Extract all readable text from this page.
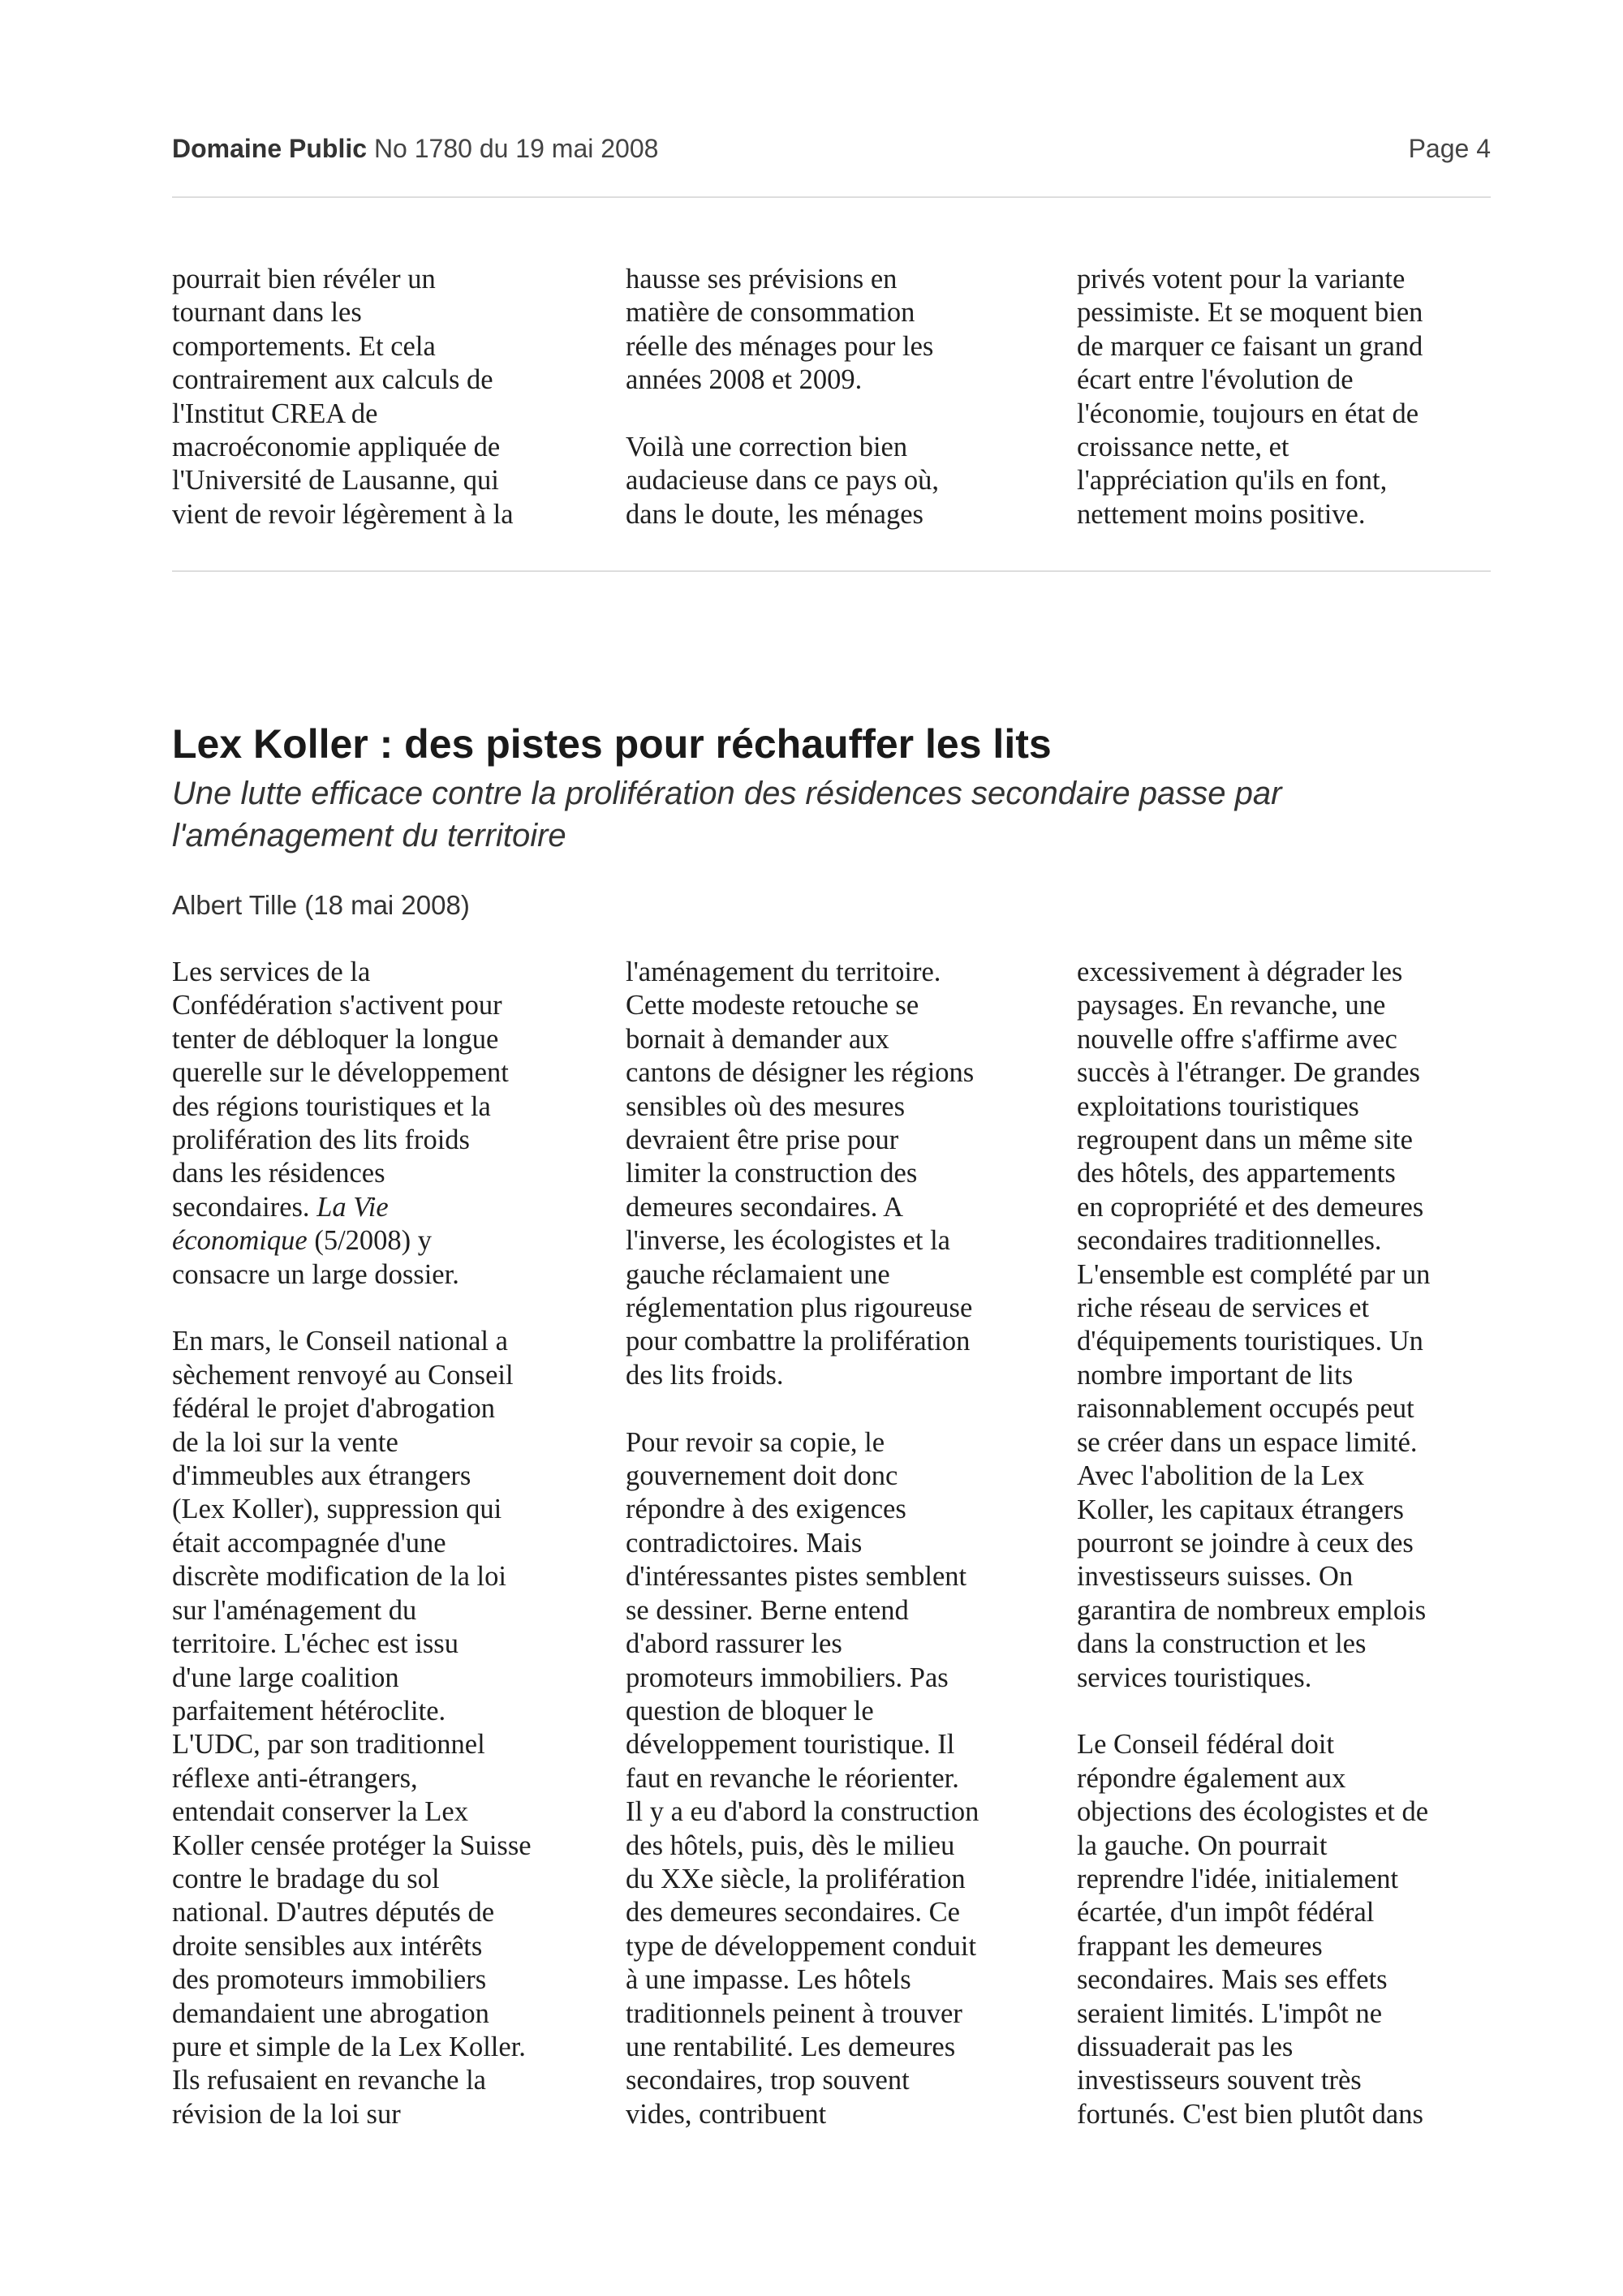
Domaine Public No 1780 du 19 mai 2008	Page 4

pourrait bien révéler un
tournant dans les
comportements. Et cela
contrairement aux calculs de
l'Institut CREA de
macroéconomie appliquée de
l'Université de Lausanne, qui
vient de revoir légèrement à la

hausse ses prévisions en
matière de consommation
réelle des ménages pour les
années 2008 et 2009.

Voilà une correction bien
audacieuse dans ce pays où,
dans le doute, les ménages

privés votent pour la variante
pessimiste. Et se moquent bien
de marquer ce faisant un grand
écart entre l'évolution de
l'économie, toujours en état de
croissance nette, et
l'appréciation qu'ils en font,
nettement moins positive.

Lex Koller : des pistes pour réchauffer les lits
Une lutte efficace contre la prolifération des résidences secondaire passe par
l'aménagement du territoire
Albert Tille (18 mai 2008)

Les services de la
Confédération s'activent pour
tenter de débloquer la longue
querelle sur le développement
des régions touristiques et la
prolifération des lits froids
dans les résidences
secondaires. La Vie
économique (5/2008) y
consacre un large dossier.

En mars, le Conseil national a
sèchement renvoyé au Conseil
fédéral le projet d'abrogation
de la loi sur la vente
d'immeubles aux étrangers
(Lex Koller), suppression qui
était accompagnée d'une
discrète modification de la loi
sur l'aménagement du
territoire. L'échec est issu
d'une large coalition
parfaitement hétéroclite.
L'UDC, par son traditionnel
réflexe anti-étrangers,
entendait conserver la Lex
Koller censée protéger la Suisse
contre le bradage du sol
national. D'autres députés de
droite sensibles aux intérêts
des promoteurs immobiliers
demandaient une abrogation
pure et simple de la Lex Koller.
Ils refusaient en revanche la
révision de la loi sur

l'aménagement du territoire.
Cette modeste retouche se
bornait à demander aux
cantons de désigner les régions
sensibles où des mesures
devraient être prise pour
limiter la construction des
demeures secondaires. A
l'inverse, les écologistes et la
gauche réclamaient une
réglementation plus rigoureuse
pour combattre la prolifération
des lits froids.

Pour revoir sa copie, le
gouvernement doit donc
répondre à des exigences
contradictoires. Mais
d'intéressantes pistes semblent
se dessiner. Berne entend
d'abord rassurer les
promoteurs immobiliers. Pas
question de bloquer le
développement touristique. Il
faut en revanche le réorienter.
Il y a eu d'abord la construction
des hôtels, puis, dès le milieu
du XXe siècle, la prolifération
des demeures secondaires. Ce
type de développement conduit
à une impasse. Les hôtels
traditionnels peinent à trouver
une rentabilité. Les demeures
secondaires, trop souvent
vides, contribuent

excessivement à dégrader les
paysages. En revanche, une
nouvelle offre s'affirme avec
succès à l'étranger. De grandes
exploitations touristiques
regroupent dans un même site
des hôtels, des appartements
en copropriété et des demeures
secondaires traditionnelles.
L'ensemble est complété par un
riche réseau de services et
d'équipements touristiques. Un
nombre important de lits
raisonnablement occupés peut
se créer dans un espace limité.
Avec l'abolition de la Lex
Koller, les capitaux étrangers
pourront se joindre à ceux des
investisseurs suisses. On
garantira de nombreux emplois
dans la construction et les
services touristiques.

Le Conseil fédéral doit
répondre également aux
objections des écologistes et de
la gauche. On pourrait
reprendre l'idée, initialement
écartée, d'un impôt fédéral
frappant les demeures
secondaires. Mais ses effets
seraient limités. L'impôt ne
dissuaderait pas les
investisseurs souvent très
fortunés. C'est bien plutôt dans
